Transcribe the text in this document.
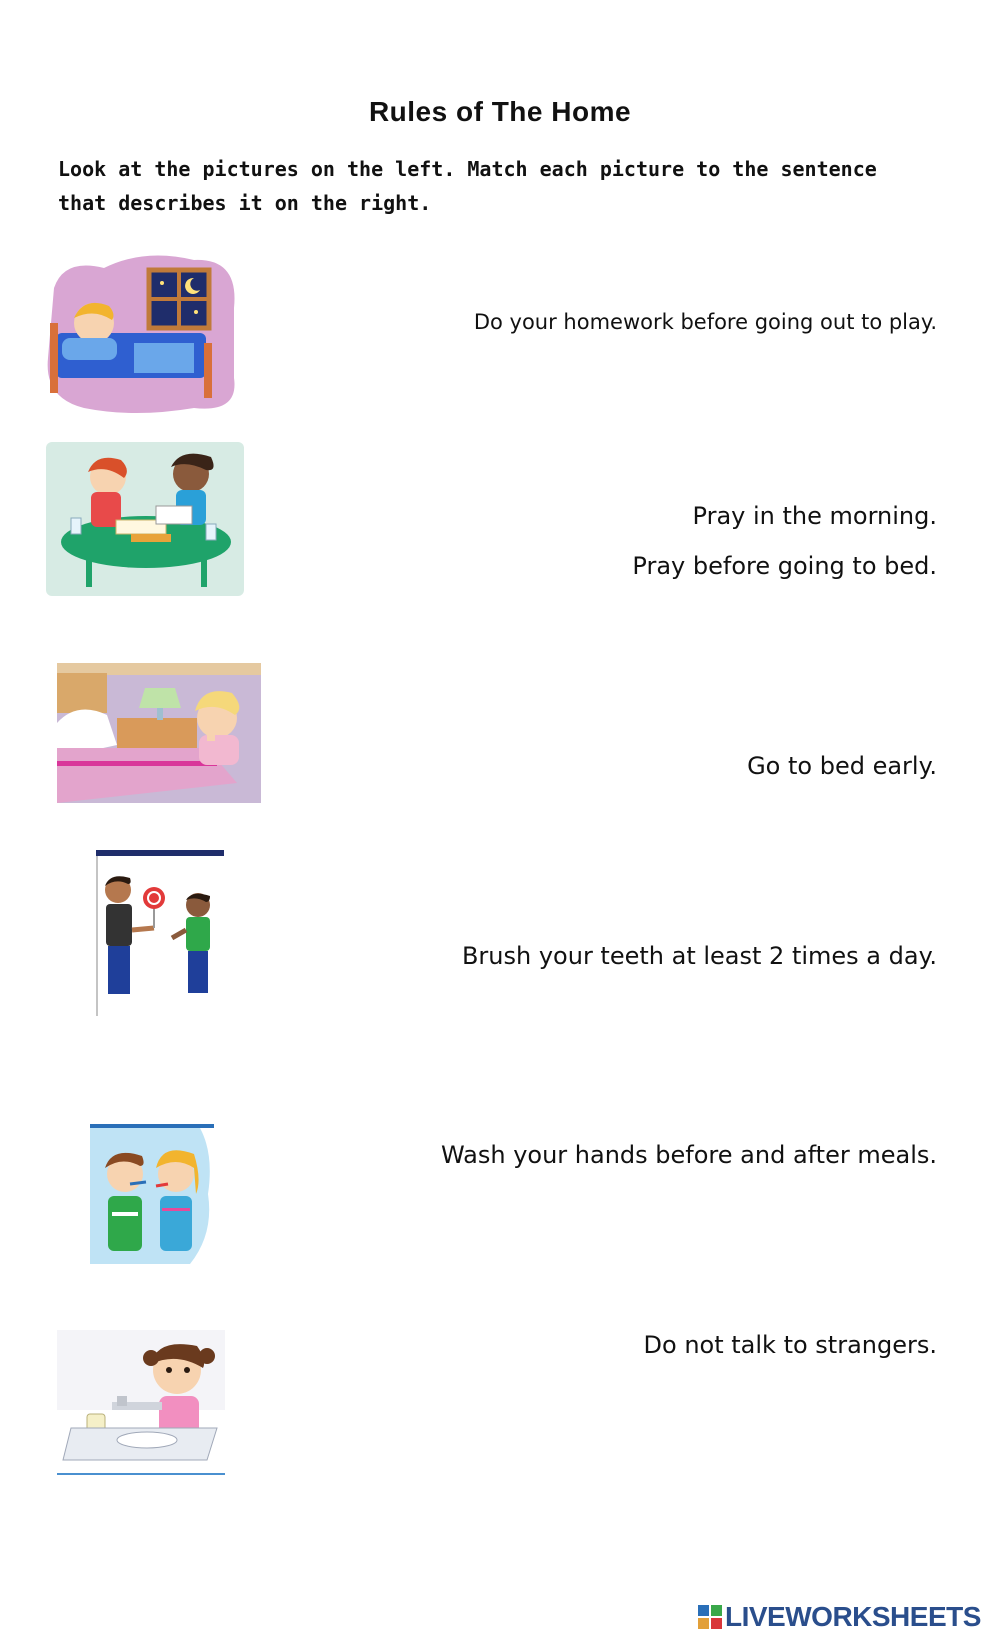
Rules of The Home
Look at the pictures on the left. Match each picture to the sentence that describes it on the right.
Do your homework before going out to play.
Pray in the morning.
Pray before going to bed.
Go to bed early.
Brush your teeth at least 2 times a day.
Wash your hands before and after meals.
Do not talk to strangers.
LIVEWORKSHEETS
